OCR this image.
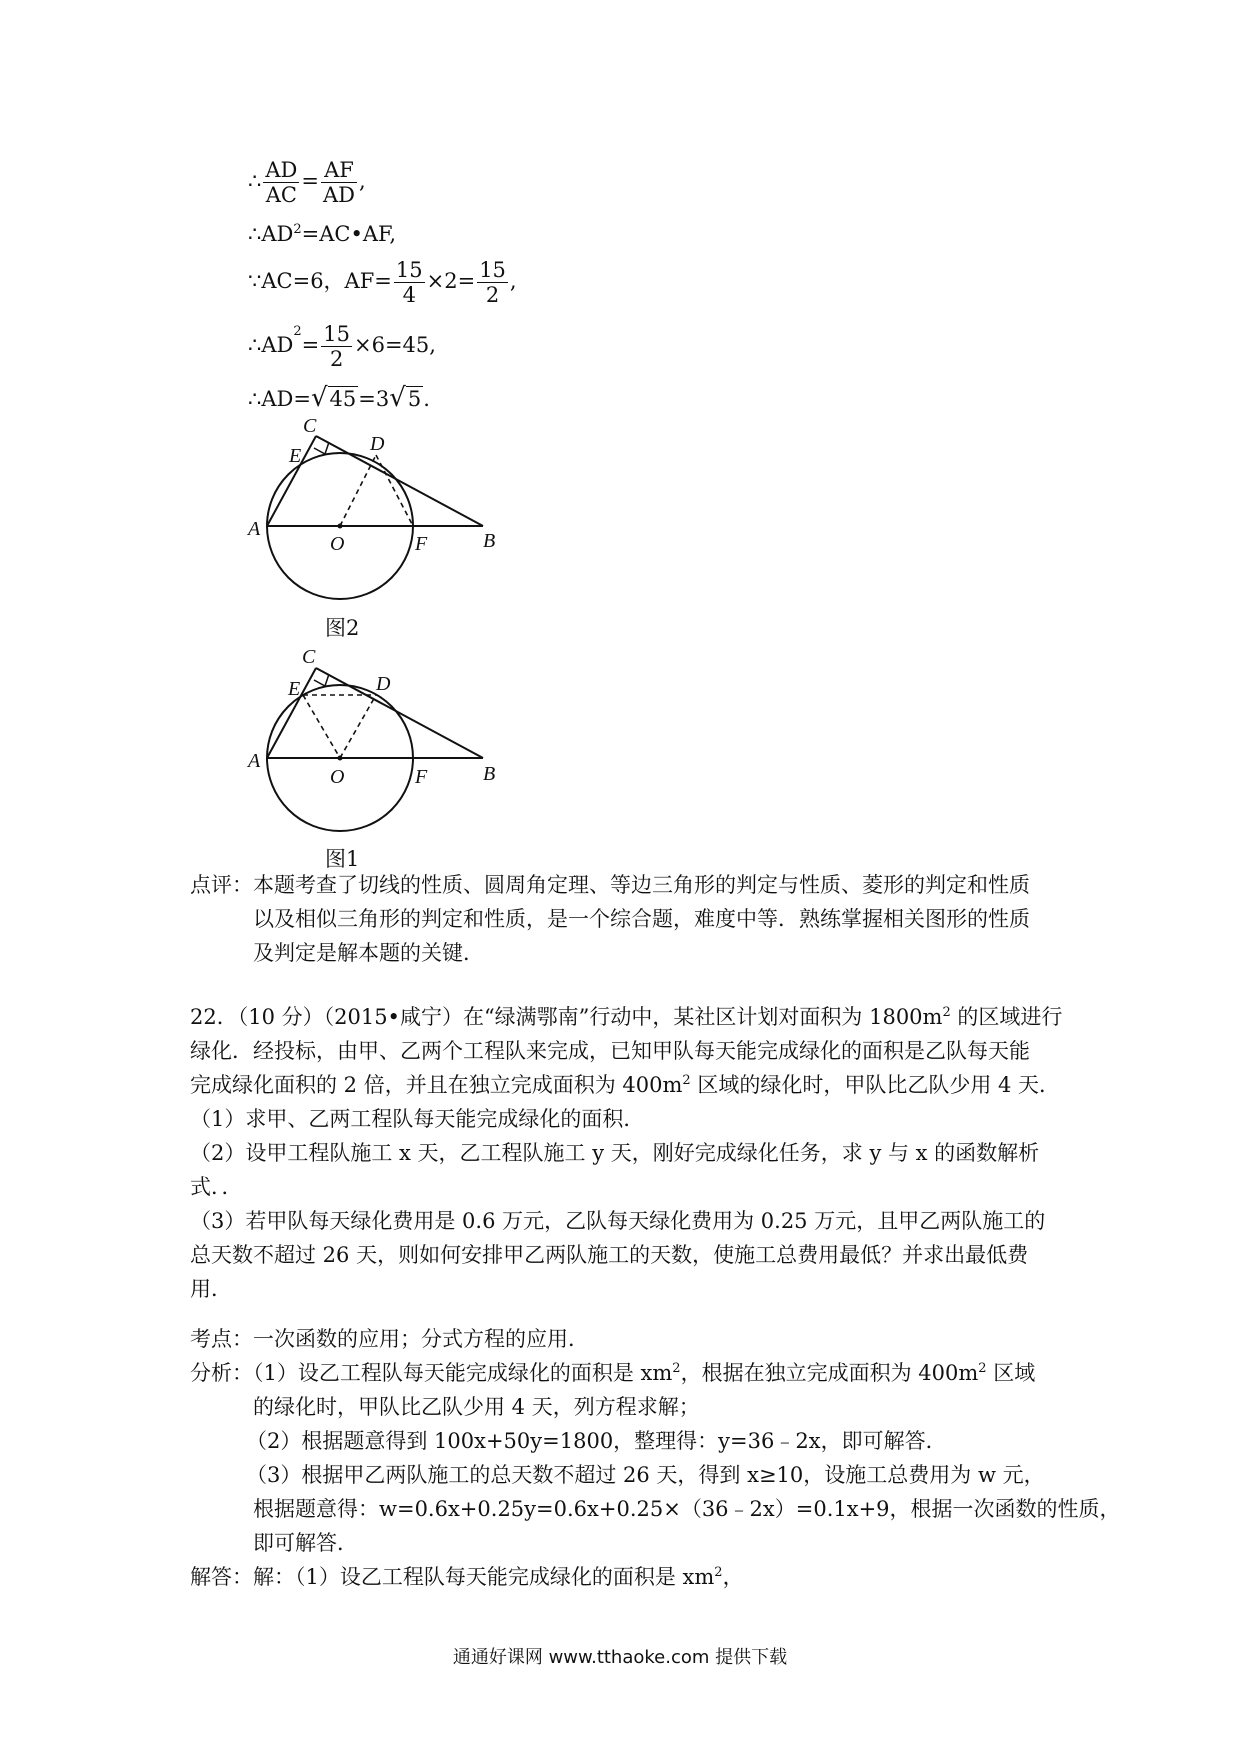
∴ $\frac{AD}{AC} = \frac{AF}{AD}$ ,
$\therefore AD^2=AC•AF$,
∵AC=6，$AF= \frac{15}{4} \times 2= \frac{15}{2}$ ,
$\therefore AD^2= \frac{15}{2} \times 6=45$,
∴AD=√45=3√5.
C
E
D
A
O	F	B
图2
C
E	D
A
O	F	B
图1
点评：本题考查了切线的性质、圆周角定理、等边三角形的判定与性质、菱形的判定和性质
以及相似三角形的判定和性质，是一个综合题，难度中等．熟练掌握相关图形的性质
及判定是解本题的关键．
22．（10 分）（2015•咸宁）在“绿满鄂南”行动中，某社区计划对面积为 $1800m^2$ 的区域进行
绿化．经投标，由甲、乙两个工程队来完成，已知甲队每天能完成绿化的面积是乙队每天能
完成绿化面积的 2 倍，并且在独立完成面积为 $400m^2$ 区域的绿化时，甲队比乙队少用 4 天．
（1）求甲、乙两工程队每天能完成绿化的面积．
（2）设甲工程队施工 x 天，乙工程队施工 y 天，刚好完成绿化任务，求 y 与 x 的函数解析
式．．
（3）若甲队每天绿化费用是 0.6 万元，乙队每天绿化费用为 0.25 万元，且甲乙两队施工的
总天数不超过 26 天，则如何安排甲乙两队施工的天数，使施工总费用最低？并求出最低费
用．
考点：一次函数的应用；分式方程的应用．
分析：（1）设乙工程队每天能完成绿化的面积是 $xm^2$，根据在独立完成面积为 $400m^2$ 区域
的绿化时，甲队比乙队少用 4 天，列方程求解；
（2）根据题意得到 100x+50y=1800，整理得：y=36﹣2x，即可解答．
（3）根据甲乙两队施工的总天数不超过 26 天，得到 x≥10，设施工总费用为 w 元，
根据题意得：w=0.6x+0.25y=0.6x+0.25×（36﹣2x）=0.1x+9，根据一次函数的性质，
即可解答．
解答：解：（1）设乙工程队每天能完成绿化的面积是 $xm^2$，
通通好课网 www.tthaoke.com 提供下载
